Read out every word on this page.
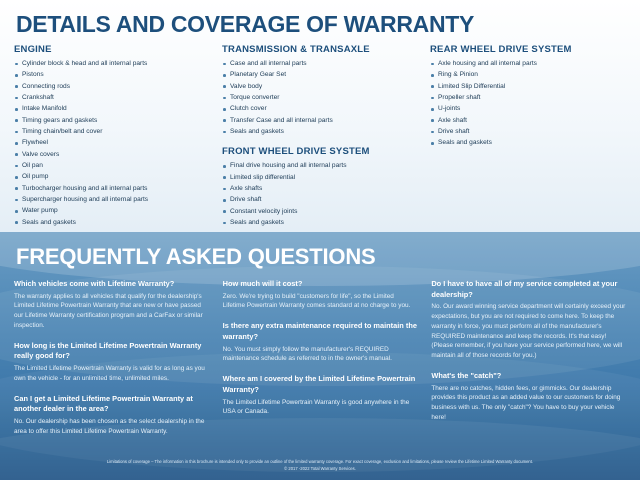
DETAILS AND COVERAGE OF WARRANTY
ENGINE
Cylinder block & head and all internal parts
Pistons
Connecting rods
Crankshaft
Intake Manifold
Timing gears and gaskets
Timing chain/belt and cover
Flywheel
Valve covers
Oil pan
Oil pump
Turbocharger housing and all internal parts
Supercharger housing and all internal parts
Water pump
Seals and gaskets
TRANSMISSION & TRANSAXLE
Case and all internal parts
Planetary Gear Set
Valve body
Torque converter
Clutch cover
Transfer Case and all internal parts
Seals and gaskets
FRONT WHEEL DRIVE SYSTEM
Final drive housing and all internal parts
Limited slip differential
Axle shafts
Drive shaft
Constant velocity joints
Seals and gaskets
REAR WHEEL DRIVE SYSTEM
Axle housing and all internal parts
Ring & Pinion
Limited Slip Differential
Propeller shaft
U-joints
Axle shaft
Drive shaft
Seals and gaskets
FREQUENTLY ASKED QUESTIONS
Which vehicles come with Lifetime Warranty?
The warranty applies to all vehicles that qualify for the dealership's Limited Lifetime Powertrain Warranty that are new or have passed our Lifetime Warranty certification program and a CarFax or similar inspection.
How long is the Limited Lifetime Powertrain Warranty really good for?
The Limited Lifetime Powertrain Warranty is valid for as long as you own the vehicle - for an unlimited time, unlimited miles.
Can I get a Limited Lifetime Powertrain Warranty at another dealer in the area?
No. Our dealership has been chosen as the select dealership in the area to offer this Limited Lifetime Powertrain Warranty.
How much will it cost?
Zero. We're trying to build "customers for life", so the Limited Lifetime Powertrain Warranty comes standard at no charge to you.
Is there any extra maintenance required to maintain the warranty?
No. You must simply follow the manufacturer's REQUIRED maintenance schedule as referred to in the owner's manual.
Where am I covered by the Limited Lifetime Powertrain Warranty?
The Limited Lifetime Powertrain Warranty is good anywhere in the USA or Canada.
Do I have to have all of my service completed at your dealership?
No. Our award winning service department will certainly exceed your expectations, but you are not required to come here. To keep the warranty in force, you must perform all of the manufacturer's REQUIRED maintenance and keep the records. It's that easy! (Please remember, if you have your service performed here, we will maintain all of those records for you.)
What's the "catch"?
There are no catches, hidden fees, or gimmicks. Our dealership provides this product as an added value to our customers for doing business with us. The only "catch"? You have to buy your vehicle here!
Limitations of coverage – The information in this brochure is intended only to provide an outline of the limited warranty coverage. For exact coverage, exclusion and limitations, please review the Lifetime Limited Warranty document.
© 2017 -2022 Total Warranty Services.
